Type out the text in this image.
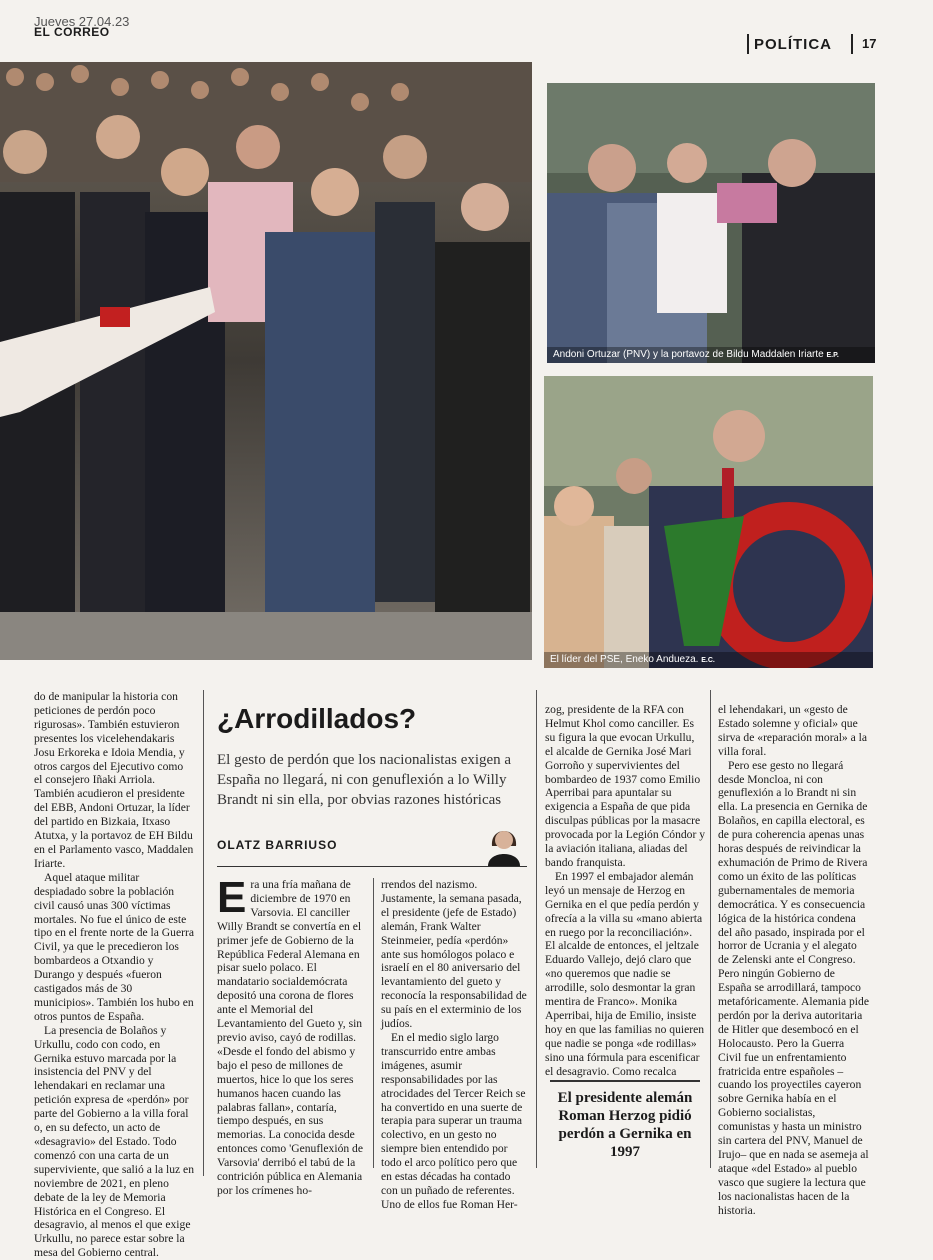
Jueves 27.04.23
EL CORREO
POLÍTICA 17
Andoni Ortuzar (PNV) y la portavoz de Bildu Maddalen Iriarte E.P.
El líder del PSE, Eneko Andueza. E.C.

do de manipular la historia con peticiones de perdón poco rigurosas». También estuvieron presentes los vicelehendakaris Josu Erkoreka e Idoia Mendia, y otros cargos del Ejecutivo como el consejero Iñaki Arriola. También acudieron el presidente del EBB, Andoni Ortuzar, la líder del partido en Bizkaia, Itxaso Atutxa, y la portavoz de EH Bildu en el Parlamento vasco, Maddalen Iriarte.

Aquel ataque militar despiadado sobre la población civil causó unas 300 víctimas mortales. No fue el único de este tipo en el frente norte de la Guerra Civil, ya que le precedieron los bombardeos a Otxandio y Durango y después «fueron castigados más de 30 municipios». También los hubo en otros puntos de España.

La presencia de Bolaños y Urkullu, codo con codo, en Gernika estuvo marcada por la insistencia del PNV y del lehendakari en reclamar una petición expresa de «perdón» por parte del Gobierno a la villa foral o, en su defecto, un acto de «desagravio» del Estado. Todo comenzó con una carta de un superviviente, que salió a la luz en noviembre de 2021, en pleno debate de la ley de Memoria Histórica en el Congreso. El desagravio, al menos el que exige Urkullu, no parece estar sobre la mesa del Gobierno central.

¿Arrodillados?
El gesto de perdón que los nacionalistas exigen a España no llegará, ni con genuflexión a lo Willy Brandt ni sin ella, por obvias razones históricas
OLATZ BARRIUSO
E ra una fría mañana de diciembre de 1970 en Varsovia. El canciller Willy Brandt se convertía en el primer jefe de Gobierno de la República Federal Alemana en pisar suelo polaco. El mandatario socialdemócrata depositó una corona de flores ante el Memorial del Levantamiento del Gueto y, sin previo aviso, cayó de rodillas. «Desde el fondo del abismo y bajo el peso de millones de muertos, hice lo que los seres humanos hacen cuando las palabras fallan», contaría, tiempo después, en sus memorias. La conocida desde entonces como 'Genuflexión de Varsovia' derribó el tabú de la contrición pública en Alemania por los crímenes ho-

rrendos del nazismo. Justamente, la semana pasada, el presidente (jefe de Estado) alemán, Frank Walter Steinmeier, pedía «perdón» ante sus homólogos polaco e israelí en el 80 aniversario del levantamiento del gueto y reconocía la responsabilidad de su país en el exterminio de los judíos.

En el medio siglo largo transcurrido entre ambas imágenes, asumir responsabilidades por las atrocidades del Tercer Reich se ha convertido en una suerte de terapia para superar un trauma colectivo, en un gesto no siempre bien entendido por todo el arco político pero que en estas décadas ha contado con un puñado de referentes. Uno de ellos fue Roman Her-

zog, presidente de la RFA con Helmut Khol como canciller. Es su figura la que evocan Urkullu, el alcalde de Gernika José Mari Gorroño y supervivientes del bombardeo de 1937 como Emilio Aperribai para apuntalar su exigencia a España de que pida disculpas públicas por la masacre provocada por la Legión Cóndor y la aviación italiana, aliadas del bando franquista.

En 1997 el embajador alemán leyó un mensaje de Herzog en Gernika en el que pedía perdón y ofrecía a la villa su «mano abierta en ruego por la reconciliación». El alcalde de entonces, el jeltzale Eduardo Vallejo, dejó claro que «no queremos que nadie se arrodille, solo desmontar la gran mentira de Franco». Monika Aperribai, hija de Emilio, insiste hoy en que las familias no quieren que nadie se ponga «de rodillas» sino una fórmula para escenificar el desagravio. Como recalca

El presidente alemán Roman Herzog pidió perdón a Gernika en 1997

el lehendakari, un «gesto de Estado solemne y oficial» que sirva de «reparación moral» a la villa foral.

Pero ese gesto no llegará desde Moncloa, ni con genuflexión a lo Brandt ni sin ella. La presencia en Gernika de Bolaños, en capilla electoral, es de pura coherencia apenas unas horas después de reivindicar la exhumación de Primo de Rivera como un éxito de las políticas gubernamentales de memoria democrática. Y es consecuencia lógica de la histórica condena del año pasado, inspirada por el horror de Ucrania y el alegato de Zelenski ante el Congreso. Pero ningún Gobierno de España se arrodillará, tampoco metafóricamente. Alemania pide perdón por la deriva autoritaria de Hitler que desembocó en el Holocausto. Pero la Guerra Civil fue un enfrentamiento fratricida entre españoles –cuando los proyectiles cayeron sobre Gernika había en el Gobierno socialistas, comunistas y hasta un ministro sin cartera del PNV, Manuel de Irujo– que en nada se asemeja al ataque «del Estado» al pueblo vasco que sugiere la lectura que los nacionalistas hacen de la historia.
